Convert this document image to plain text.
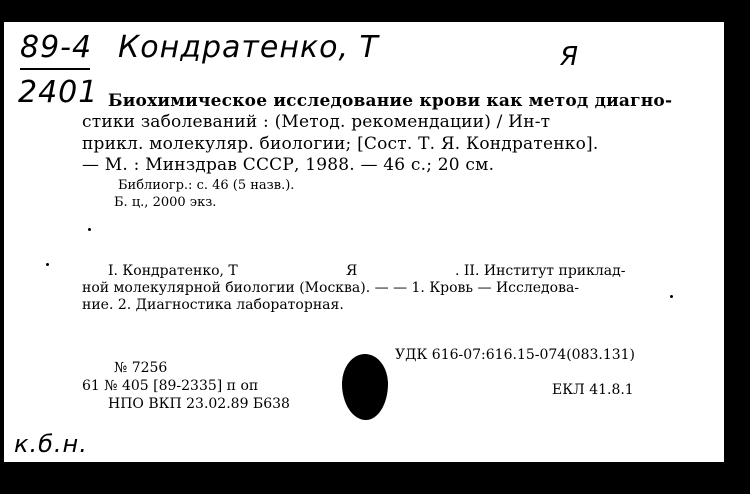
89-4 Кондратенко, Т	Я
2401 Биохимическое исследование крови как метод диагно-
стики заболеваний : (Метод. рекомендации) / Ин-т
прикл. молекуляр. биологии; [Сост. Т. Я. Кондратенко].
— М. : Минздрав СССР, 1988. — 46 с.; 20 см.
Библиогр.: с. 46 (5 назв.).
Б. ц., 2000 экз.
I. Кондратенко, Т	Я	. II. Институт приклад-
ной молекулярной биологии (Москва). — — 1. Кровь — Исследова-
ние. 2. Диагностика лабораторная.
№ 7256
61 № 405 [89-2335] п оп
НПО ВКП 23.02.89 Б638
УДК 616-07:616.15-074(083.131)
ЕКЛ 41.8.1
к.б.н.
